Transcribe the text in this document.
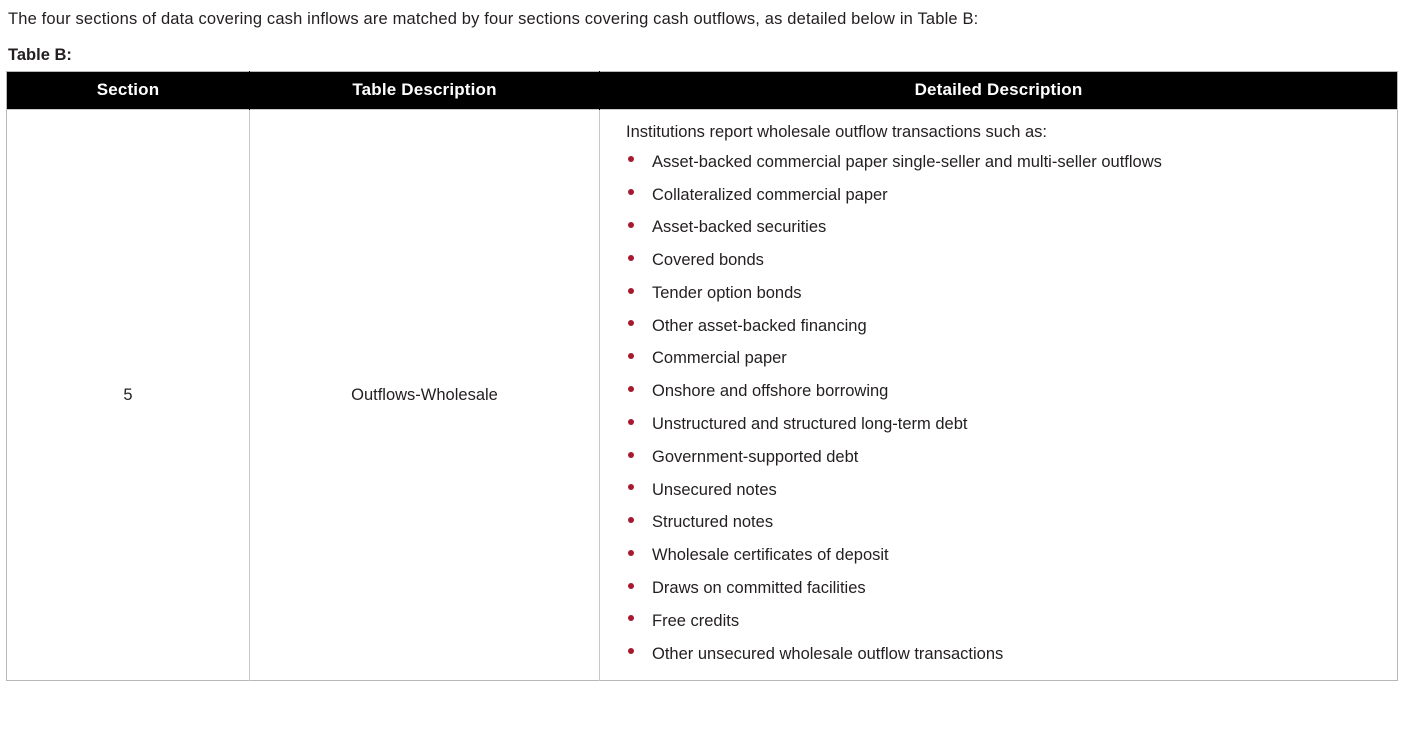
The four sections of data covering cash inflows are matched by four sections covering cash outflows, as detailed below in Table B:

Table B:
Section	Table Description	Detailed Description
5	Outflows-Wholesale	

Institutions report wholesale outflow transactions such as:

Asset-backed commercial paper single-seller and multi-seller outflows
Collateralized commercial paper
Asset-backed securities
Covered bonds
Tender option bonds
Other asset-backed financing
Commercial paper
Onshore and offshore borrowing
Unstructured and structured long-term debt
Government-supported debt
Unsecured notes
Structured notes
Wholesale certificates of deposit
Draws on committed facilities
Free credits
Other unsecured wholesale outflow transactions
